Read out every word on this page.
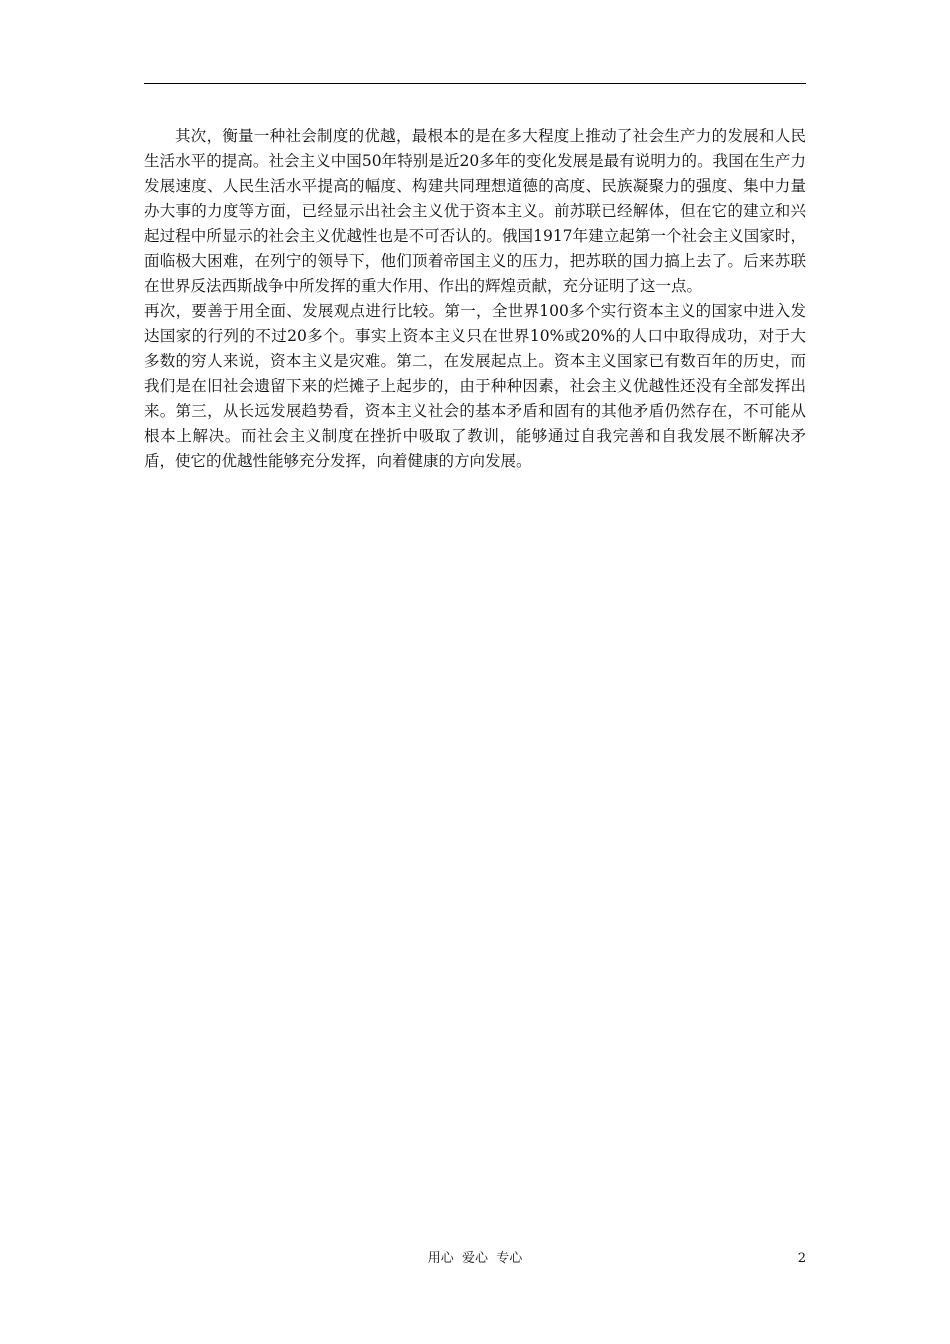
其次，衡量一种社会制度的优越，最根本的是在多大程度上推动了社会生产力的发展和人民生活水平的提高。社会主义中国50年特别是近20多年的变化发展是最有说明力的。我国在生产力发展速度、人民生活水平提高的幅度、构建共同理想道德的高度、民族凝聚力的强度、集中力量办大事的力度等方面，已经显示出社会主义优于资本主义。前苏联已经解体，但在它的建立和兴起过程中所显示的社会主义优越性也是不可否认的。俄国1917年建立起第一个社会主义国家时，面临极大困难，在列宁的领导下，他们顶着帝国主义的压力，把苏联的国力搞上去了。后来苏联在世界反法西斯战争中所发挥的重大作用、作出的辉煌贡献，充分证明了这一点。

再次，要善于用全面、发展观点进行比较。第一，全世界100多个实行资本主义的国家中进入发达国家的行列的不过20多个。事实上资本主义只在世界10%或20%的人口中取得成功，对于大多数的穷人来说，资本主义是灾难。第二，在发展起点上。资本主义国家已有数百年的历史，而我们是在旧社会遗留下来的烂摊子上起步的，由于种种因素，社会主义优越性还没有全部发挥出来。第三，从长远发展趋势看，资本主义社会的基本矛盾和固有的其他矛盾仍然存在，不可能从根本上解决。而社会主义制度在挫折中吸取了教训，能够通过自我完善和自我发展不断解决矛盾，使它的优越性能够充分发挥，向着健康的方向发展。

用心  爱心  专心	2
